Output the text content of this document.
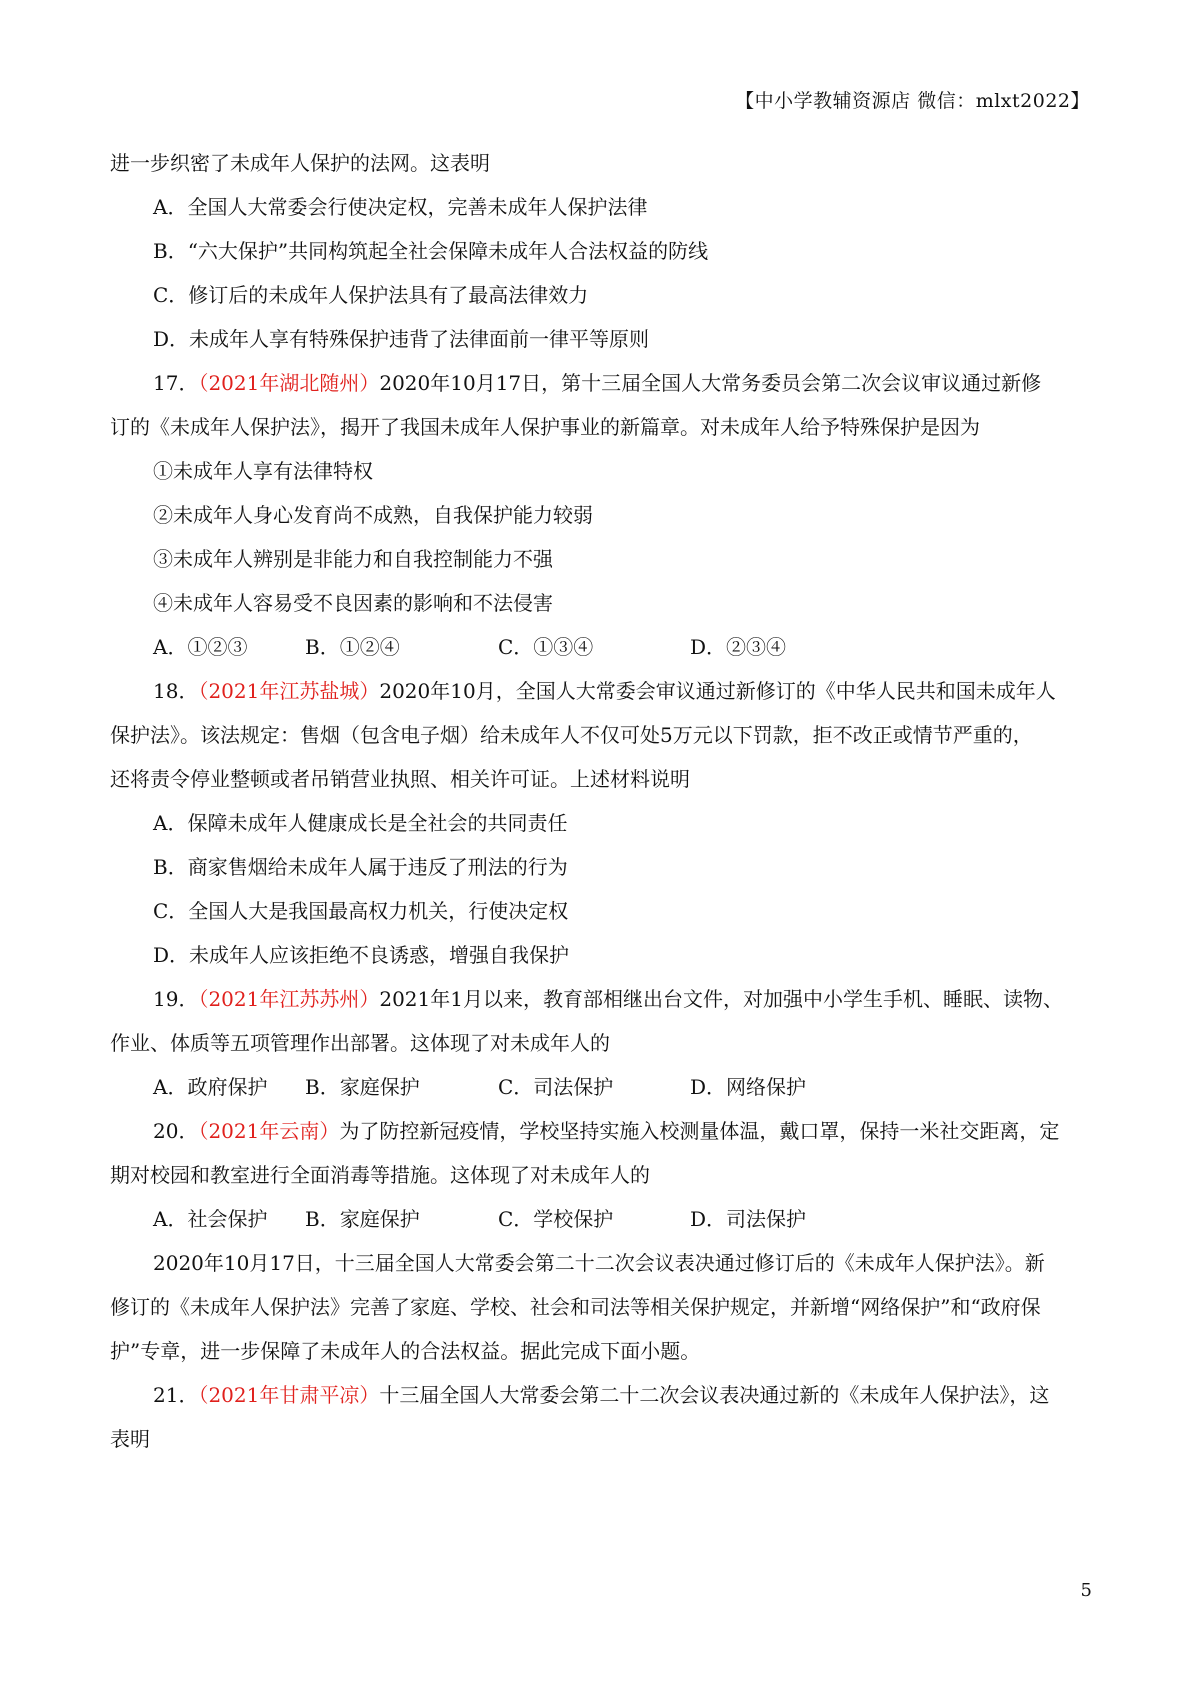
【中小学教辅资源店 微信：mlxt2022】
进一步织密了未成年人保护的法网。这表明
A．全国人大常委会行使决定权，完善未成年人保护法律
B．“六大保护”共同构筑起全社会保障未成年人合法权益的防线
C．修订后的未成年人保护法具有了最高法律效力
D．未成年人享有特殊保护违背了法律面前一律平等原则
17．（2021年湖北随州）2020年10月17日，第十三届全国人大常务委员会第二次会议审议通过新修
订的《未成年人保护法》，揭开了我国未成年人保护事业的新篇章。对未成年人给予特殊保护是因为
①未成年人享有法律特权
②未成年人身心发育尚不成熟，自我保护能力较弱
③未成年人辨别是非能力和自我控制能力不强
④未成年人容易受不良因素的影响和不法侵害
A．①②③	B．①②④	C．①③④	D．②③④
18．（2021年江苏盐城）2020年10月，全国人大常委会审议通过新修订的《中华人民共和国未成年人
保护法》。该法规定：售烟（包含电子烟）给未成年人不仅可处5万元以下罚款，拒不改正或情节严重的，
还将责令停业整顿或者吊销营业执照、相关许可证。上述材料说明
A．保障未成年人健康成长是全社会的共同责任
B．商家售烟给未成年人属于违反了刑法的行为
C．全国人大是我国最高权力机关，行使决定权
D．未成年人应该拒绝不良诱惑，增强自我保护
19．（2021年江苏苏州）2021年1月以来，教育部相继出台文件，对加强中小学生手机、睡眠、读物、
作业、体质等五项管理作出部署。这体现了对未成年人的
A．政府保护 B．家庭保护	C．司法保护	D．网络保护
20．（2021年云南）为了防控新冠疫情，学校坚持实施入校测量体温，戴口罩，保持一米社交距离，定
期对校园和教室进行全面消毒等措施。这体现了对未成年人的
A．社会保护 B．家庭保护	C．学校保护	D．司法保护
2020年10月17日，十三届全国人大常委会第二十二次会议表决通过修订后的《未成年人保护法》。新
修订的《未成年人保护法》完善了家庭、学校、社会和司法等相关保护规定，并新增“网络保护”和“政府保
护”专章，进一步保障了未成年人的合法权益。据此完成下面小题。
21．（2021年甘肃平凉）十三届全国人大常委会第二十二次会议表决通过新的《未成年人保护法》，这
表明
5
